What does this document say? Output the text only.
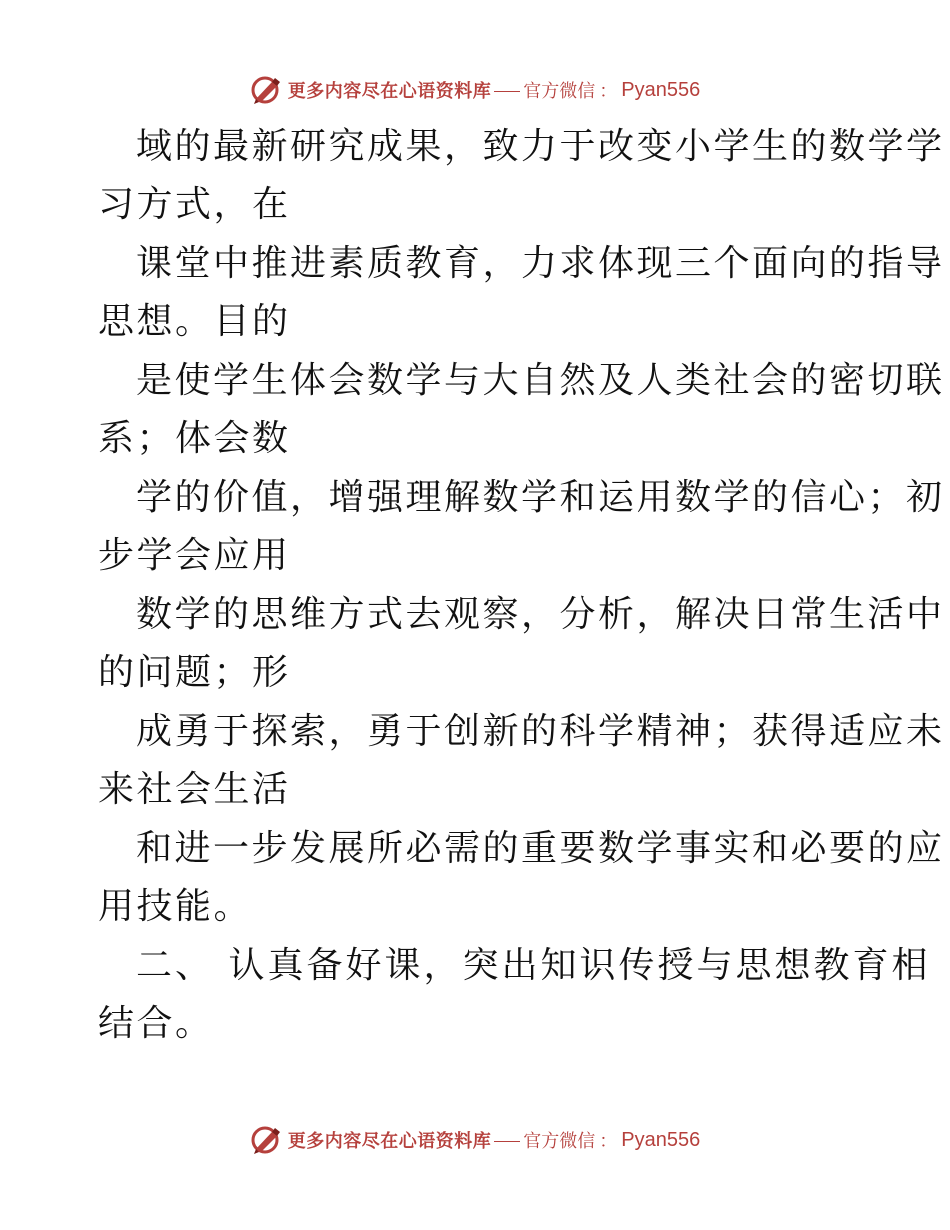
更多内容尽在心语资料库 官方微信 ： Pyan556
域的最新研究成果，致力于改变小学生的数学学
习方式，在
课堂中推进素质教育，力求体现三个面向的指导
思想。目的
是使学生体会数学与大自然及人类社会的密切联
系；体会数
学的价值，增强理解数学和运用数学的信心；初
步学会应用
数学的思维方式去观察，分析，解决日常生活中
的问题；形
成勇于探索，勇于创新的科学精神；获得适应未
来社会生活
和进一步发展所必需的重要数学事实和必要的应
用技能。
二、 认真备好课，突出知识传授与思想教育相
结合。
更多内容尽在心语资料库 官方微信 ： Pyan556
